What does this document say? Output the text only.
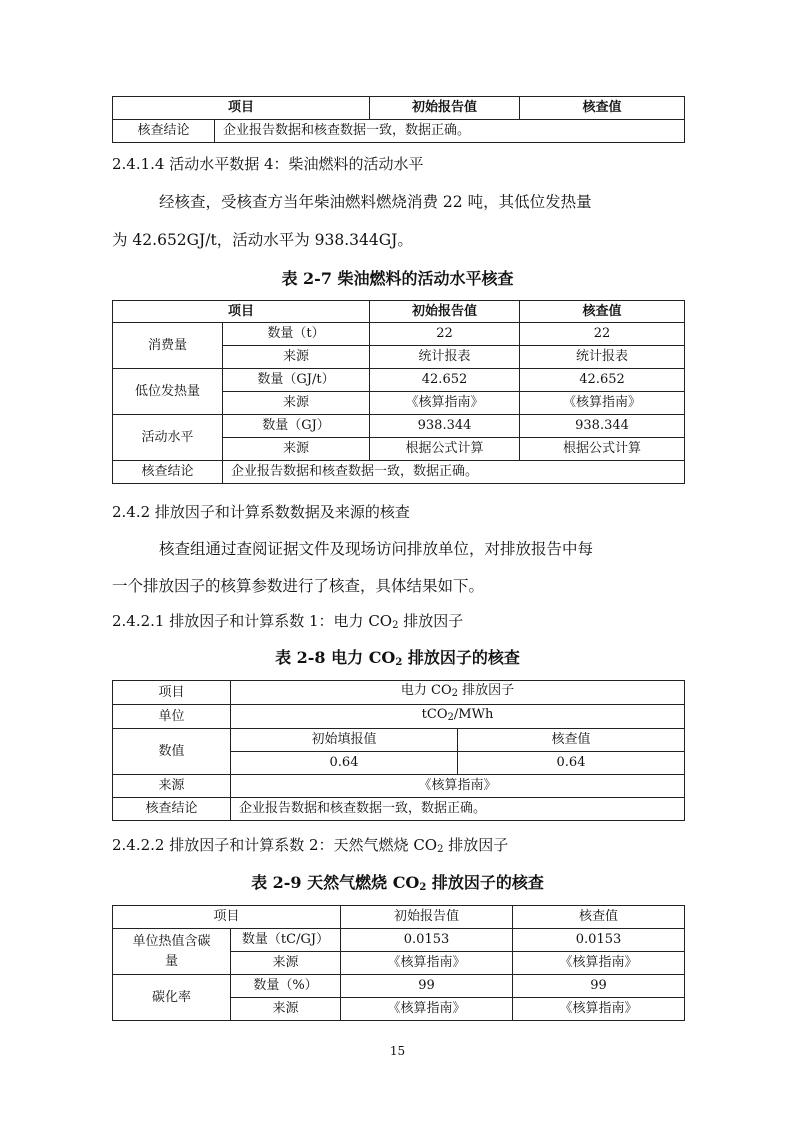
项目		初始报告值	核查值
核查结论	企业报告数据和核查数据一致，数据正确。		
2.4.1.4 活动水平数据 4：柴油燃料的活动水平
经核查，受核查方当年柴油燃料燃烧消费 22 吨，其低位发热量
为 42.652GJ/t，活动水平为 938.344GJ。
表 2-7 柴油燃料的活动水平核查
项目		初始报告值	核查值
消费量	数量（t）	22	22
	来源	统计报表	统计报表
低位发热量	数量（GJ/t）	42.652	42.652
	来源	《核算指南》	《核算指南》
活动水平	数量（GJ）	938.344	938.344
	来源	根据公式计算	根据公式计算
核查结论	企业报告数据和核查数据一致，数据正确。		
2.4.2 排放因子和计算系数数据及来源的核查
核查组通过查阅证据文件及现场访问排放单位，对排放报告中每
一个排放因子的核算参数进行了核查，具体结果如下。
2.4.2.1 排放因子和计算系数 1：电力 $CO_2$ 排放因子
表 2-8 电力 $CO_2$ 排放因子的核查
项目	电力 $CO_2$ 排放因子	
单位	tCO$_2$/MWh	
数值	初始填报值	核查值
	0.64	0.64
来源	《核算指南》	
核查结论	企业报告数据和核查数据一致，数据正确。	
2.4.2.2 排放因子和计算系数 2：天然气燃烧 $CO_2$ 排放因子
表 2-9 天然气燃烧 $CO_2$ 排放因子的核查
项目		初始报告值	核查值

单位热值含碳
量	数量（tC/GJ）	0.0153	0.0153
	来源	《核算指南》	《核算指南》
碳化率	数量（%）	99	99
	来源	《核算指南》	《核算指南》
15
